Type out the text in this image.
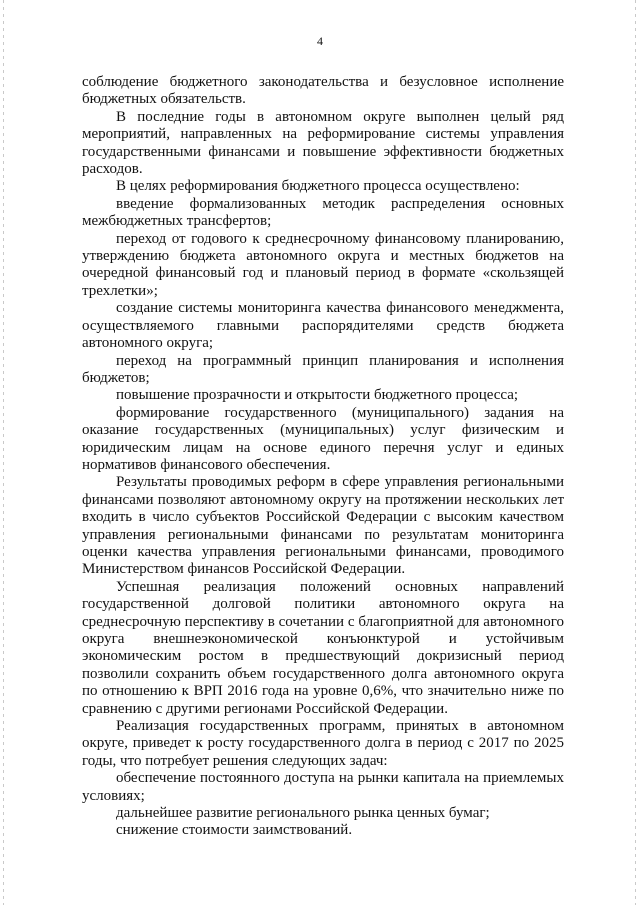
4

соблюдение бюджетного законодательства и безусловное исполнение бюджетных обязательств.

В последние годы в автономном округе выполнен целый ряд мероприятий, направленных на реформирование системы управления государственными финансами и повышение эффективности бюджетных расходов.

В целях реформирования бюджетного процесса осуществлено:

введение формализованных методик распределения основных межбюджетных трансфертов;

переход от годового к среднесрочному финансовому планированию, утверждению бюджета автономного округа и местных бюджетов на очередной финансовый год и плановый период в формате «скользящей трехлетки»;

создание системы мониторинга качества финансового менеджмента, осуществляемого главными распорядителями средств бюджета автономного округа;

переход на программный принцип планирования и исполнения бюджетов;

повышение прозрачности и открытости бюджетного процесса;

формирование государственного (муниципального) задания на оказание государственных (муниципальных) услуг физическим и юридическим лицам на основе единого перечня услуг и единых нормативов финансового обеспечения.

Результаты проводимых реформ в сфере управления региональными финансами позволяют автономному округу на протяжении нескольких лет входить в число субъектов Российской Федерации с высоким качеством управления региональными финансами по результатам мониторинга оценки качества управления региональными финансами, проводимого Министерством финансов Российской Федерации.

Успешная реализация положений основных направлений государственной долговой политики автономного округа на среднесрочную перспективу в сочетании с благоприятной для автономного округа внешнеэкономической конъюнктурой и устойчивым экономическим ростом в предшествующий докризисный период позволили сохранить объем государственного долга автономного округа по отношению к ВРП 2016 года на уровне 0,6%, что значительно ниже по сравнению с другими регионами Российской Федерации.

Реализация государственных программ, принятых в автономном округе, приведет к росту государственного долга в период с 2017 по 2025 годы, что потребует решения следующих задач:

обеспечение постоянного доступа на рынки капитала на приемлемых условиях;

дальнейшее развитие регионального рынка ценных бумаг;

снижение стоимости заимствований.
